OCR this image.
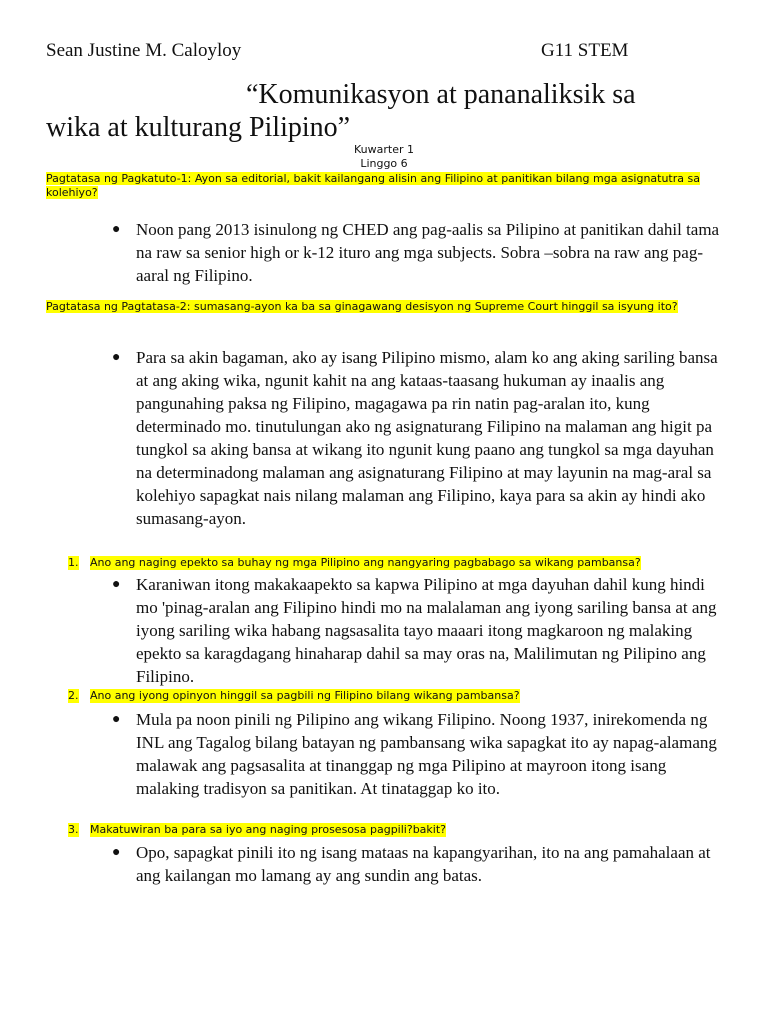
Sean Justine M. Caloyloy	G11 STEM
“Komunikasyon at pananaliksik sa
wika at kulturang Pilipino”
Kuwarter 1
Linggo 6
Pagtatasa ng Pagkatuto-1: Ayon sa editorial, bakit kailangang alisin ang Filipino at panitikan bilang mga asignatutra sa kolehiyo?
● Noon pang 2013 isinulong ng CHED ang pag-aalis sa Pilipino at panitikan dahil tama na raw sa senior high or k-12 ituro ang mga subjects. Sobra –sobra na raw ang pag-aaral ng Filipino.
Pagtatasa ng Pagtatasa-2: sumasang-ayon ka ba sa ginagawang desisyon ng Supreme Court hinggil sa isyung ito?
● Para sa akin bagaman, ako ay isang Pilipino mismo, alam ko ang aking sariling bansa at ang aking wika, ngunit kahit na ang kataas-taasang hukuman ay inaalis ang pangunahing paksa ng Filipino, magagawa pa rin natin pag-aralan ito, kung determinado mo. tinutulungan ako ng asignaturang Filipino na malaman ang higit pa tungkol sa aking bansa at wikang ito ngunit kung paano ang tungkol sa mga dayuhan na determinadong malaman ang asignaturang Filipino at may layunin na mag-aral sa kolehiyo sapagkat nais nilang malaman ang Filipino, kaya para sa akin ay hindi ako sumasang-ayon.
1. Ano ang naging epekto sa buhay ng mga Pilipino ang nangyaring pagbabago sa wikang pambansa?
● Karaniwan itong makakaapekto sa kapwa Pilipino at mga dayuhan dahil kung hindi mo 'pinag-aralan ang Filipino hindi mo na malalaman ang iyong sariling bansa at ang iyong sariling wika habang nagsasalita tayo maaari itong magkaroon ng malaking epekto sa karagdagang hinaharap dahil sa may oras na, Malilimutan ng Pilipino ang Filipino.
2. Ano ang iyong opinyon hinggil sa pagbili ng Filipino bilang wikang pambansa?
● Mula pa noon pinili ng Pilipino ang wikang Filipino. Noong 1937, inirekomenda ng INL ang Tagalog bilang batayan ng pambansang wika sapagkat ito ay napag-alamang malawak ang pagsasalita at tinanggap ng mga Pilipino at mayroon itong isang malaking tradisyon sa panitikan. At tinataggap ko ito.
3. Makatuwiran ba para sa iyo ang naging prosesosa pagpili?bakit?
● Opo, sapagkat pinili ito ng isang mataas na kapangyarihan, ito na ang pamahalaan at ang kailangan mo lamang ay ang sundin ang batas.
